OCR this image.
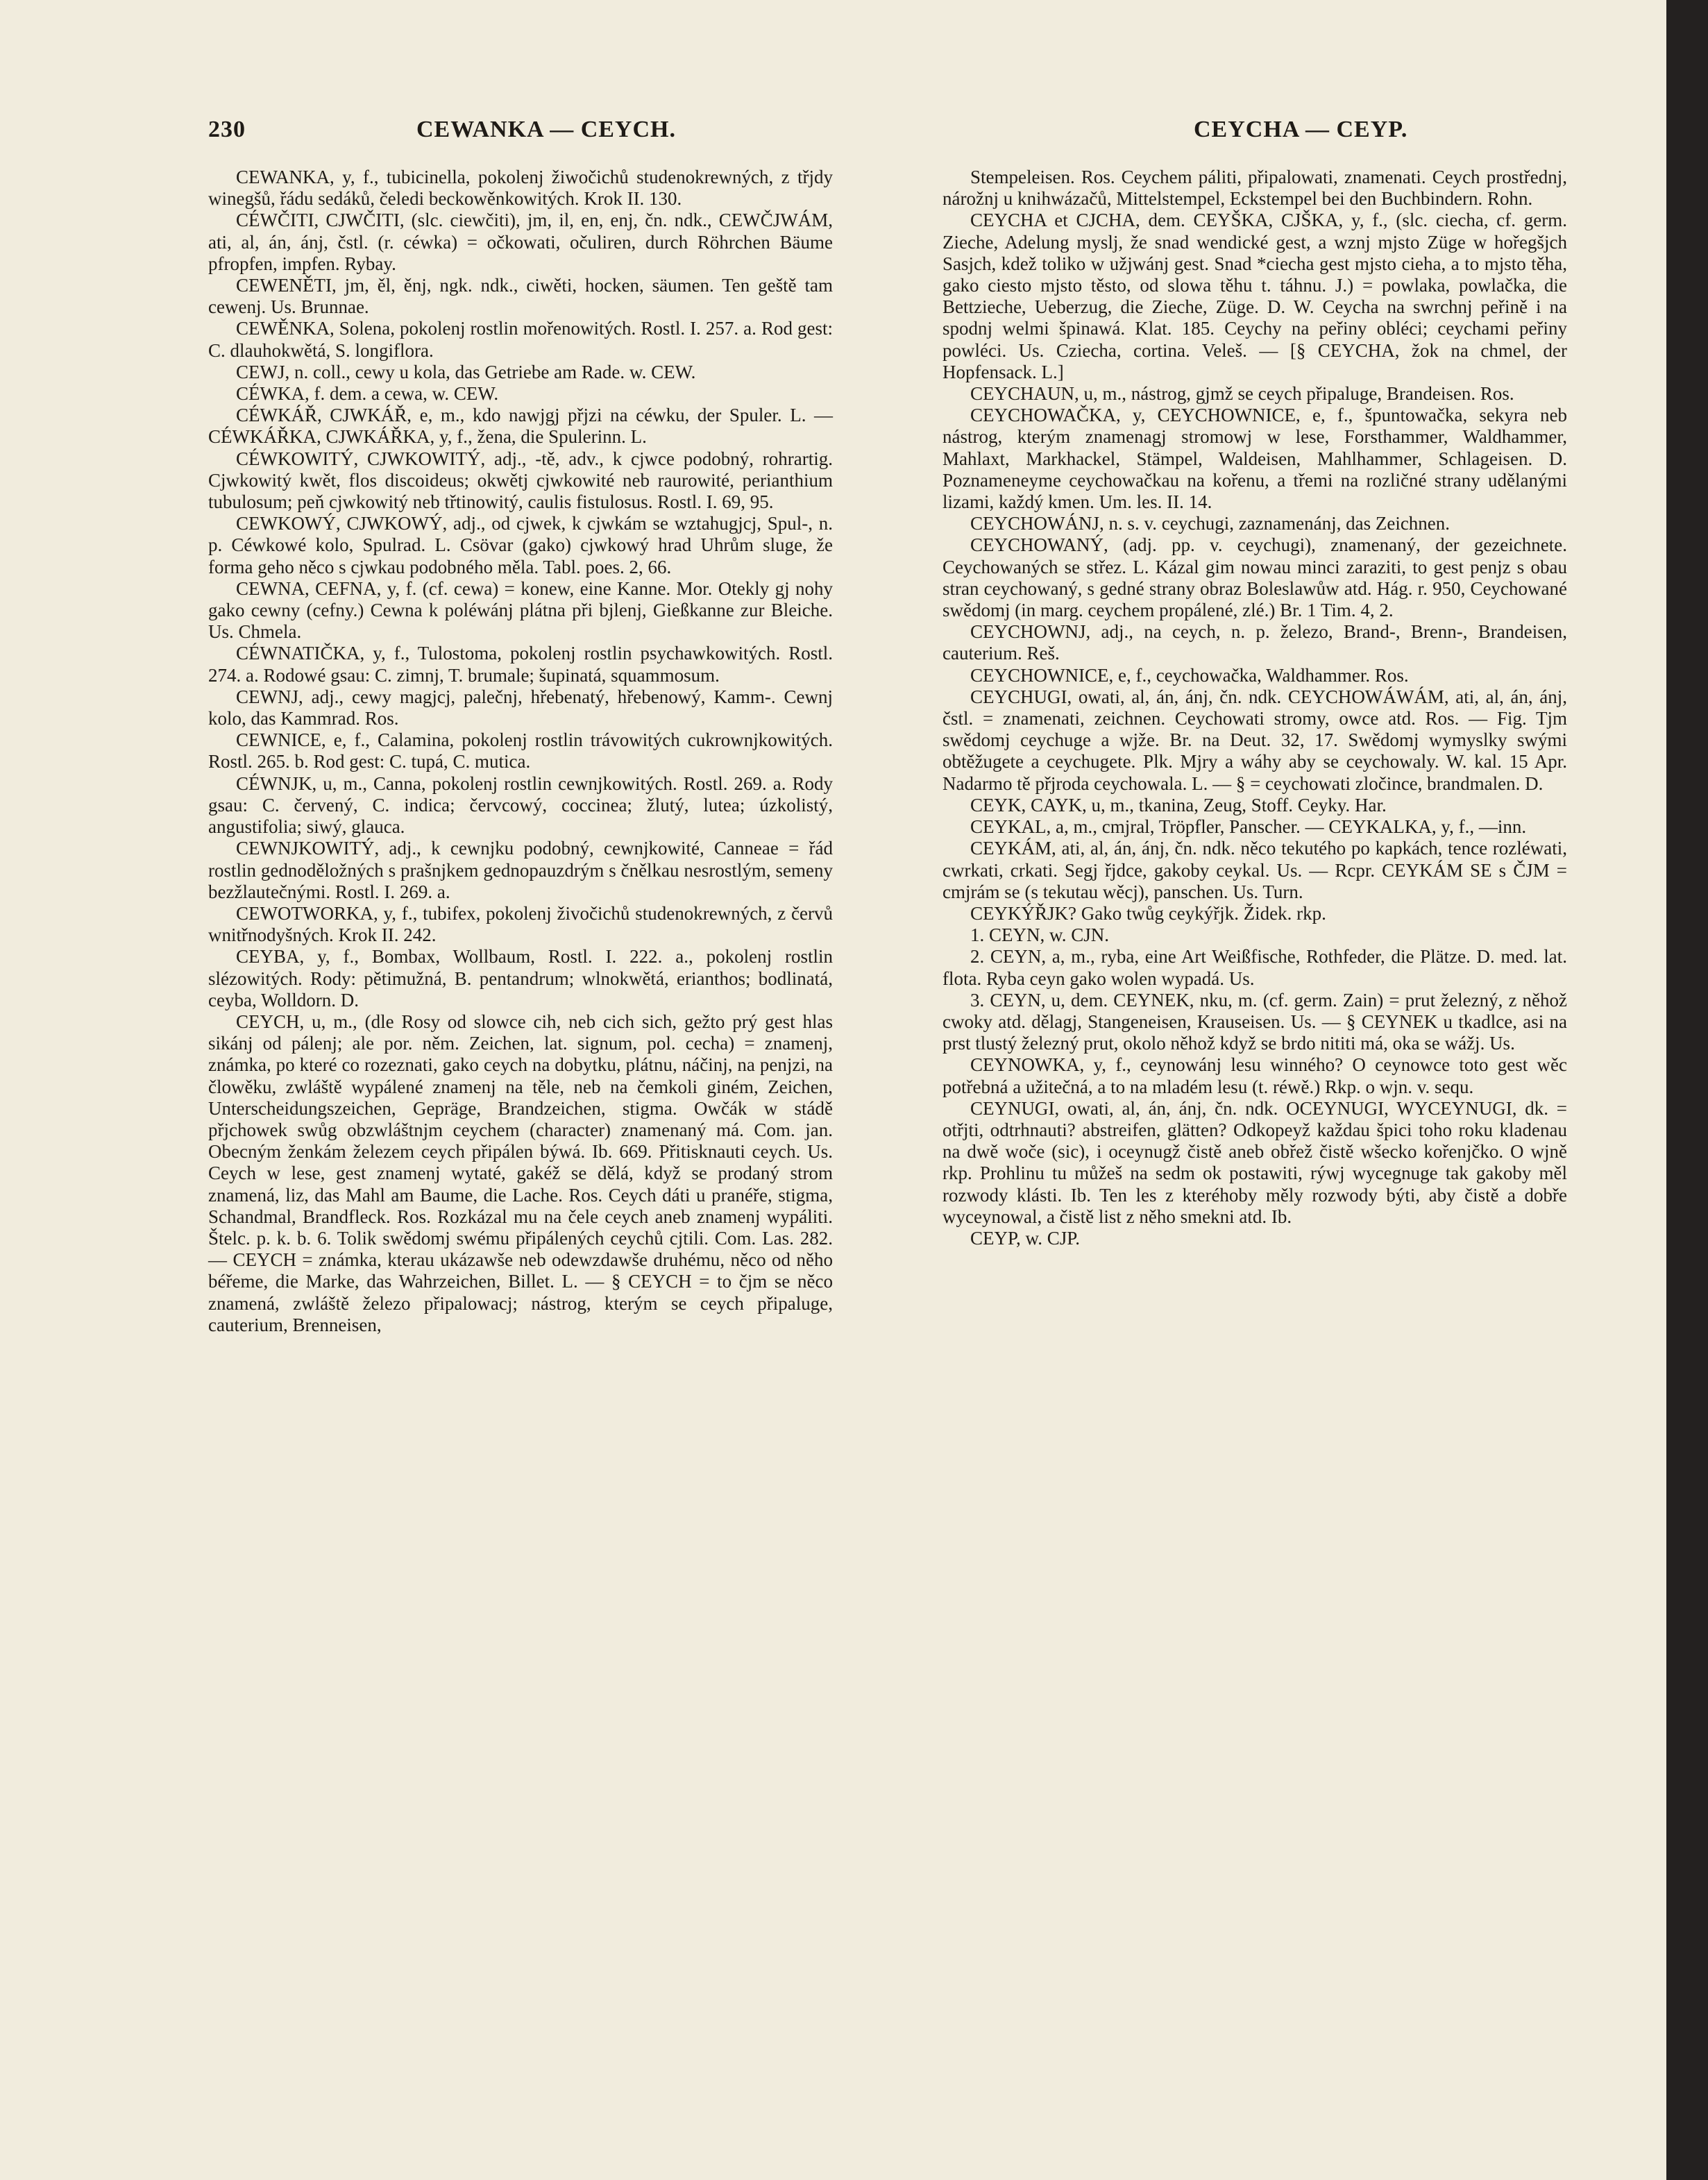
230	CEWANKA — CEYCH.	CEYCHA — CEYP.

CEWANKA, y, f., tubicinella, pokolenj žiwočichů studenokrewných, z třjdy winegšů, řádu sedáků, čeledi beckowěnkowitých. Krok II. 130.

CÉWČITI, CJWČITI, (slc. ciewčiti), jm, il, en, enj, čn. ndk., CEWČJWÁM, ati, al, án, ánj, čstl. (r. céwka) = očkowati, očuliren, durch Röhrchen Bäume pfropfen, impfen. Rybay.

CEWENĚTI, jm, ěl, ěnj, ngk. ndk., ciwěti, hocken, säumen. Ten geště tam cewenj. Us. Brunnae.

CEWĚNKA, Solena, pokolenj rostlin mořenowitých. Rostl. I. 257. a. Rod gest: C. dlauhokwětá, S. longiflora.

CEWJ, n. coll., cewy u kola, das Getriebe am Rade. w. CEW.

CÉWKA, f. dem. a cewa, w. CEW.

CÉWKÁŘ, CJWKÁŘ, e, m., kdo nawjgj přjzi na céwku, der Spuler. L. — CÉWKÁŘKA, CJWKÁŘKA, y, f., žena, die Spulerinn. L.

CÉWKOWITÝ, CJWKOWITÝ, adj., -tě, adv., k cjwce podobný, rohrartig. Cjwkowitý kwět, flos discoideus; okwětj cjwkowité neb raurowité, perianthium tubulosum; peň cjwkowitý neb třtinowitý, caulis fistulosus. Rostl. I. 69, 95.

CEWKOWÝ, CJWKOWÝ, adj., od cjwek, k cjwkám se wztahugjcj, Spul-, n. p. Céwkowé kolo, Spulrad. L. Csövar (gako) cjwkowý hrad Uhrům sluge, že forma geho něco s cjwkau podobného měla. Tabl. poes. 2, 66.

CEWNA, CEFNA, y, f. (cf. cewa) = konew, eine Kanne. Mor. Otekly gj nohy gako cewny (cefny.) Cewna k poléwánj plátna při bjlenj, Gießkanne zur Bleiche. Us. Chmela.

CÉWNATIČKA, y, f., Tulostoma, pokolenj rostlin psychawkowitých. Rostl. 274. a. Rodowé gsau: C. zimnj, T. brumale; šupinatá, squammosum.

CEWNJ, adj., cewy magjcj, palečnj, hřebenatý, hřebenowý, Kamm-. Cewnj kolo, das Kammrad. Ros.

CEWNICE, e, f., Calamina, pokolenj rostlin trávowitých cukrownjkowitých. Rostl. 265. b. Rod gest: C. tupá, C. mutica.

CÉWNJK, u, m., Canna, pokolenj rostlin cewnjkowitých. Rostl. 269. a. Rody gsau: C. červený, C. indica; červcowý, coccinea; žlutý, lutea; úzkolistý, angustifolia; siwý, glauca.

CEWNJKOWITÝ, adj., k cewnjku podobný, cewnjkowité, Canneae = řád rostlin gednoděložných s prašnjkem gednopauzdrým s čnělkau nesrostlým, semeny bezžlautečnými. Rostl. I. 269. a.

CEWOTWORKA, y, f., tubifex, pokolenj živočichů studenokrewných, z červů wnitřnodyšných. Krok II. 242.

CEYBA, y, f., Bombax, Wollbaum, Rostl. I. 222. a., pokolenj rostlin slézowitých. Rody: pětimužná, B. pentandrum; wlnokwětá, erianthos; bodlinatá, ceyba, Wolldorn. D.

CEYCH, u, m., (dle Rosy od slowce cih, neb cich sich, gežto prý gest hlas sikánj od pálenj; ale por. něm. Zeichen, lat. signum, pol. cecha) = znamenj, známka, po které co rozeznati, gako ceych na dobytku, plátnu, náčinj, na penjzi, na člowěku, zwláště wypálené znamenj na těle, neb na čemkoli giném, Zeichen, Unterscheidungszeichen, Gepräge, Brandzeichen, stigma. Owčák w stádě přjchowek swůg obzwláštnjm ceychem (character) znamenaný má. Com. jan. Obecným ženkám železem ceych připálen býwá. Ib. 669. Přitisknauti ceych. Us. Ceych w lese, gest znamenj wytaté, gakéž se dělá, když se prodaný strom znamená, liz, das Mahl am Baume, die Lache. Ros. Ceych dáti u pranéře, stigma, Schandmal, Brandfleck. Ros. Rozkázal mu na čele ceych aneb znamenj wypáliti. Štelc. p. k. b. 6. Tolik swědomj swému připálených ceychů cjtili. Com. Las. 282. — CEYCH = známka, kterau ukázawše neb odewzdawše druhému, něco od něho béřeme, die Marke, das Wahrzeichen, Billet. L. — § CEYCH = to čjm se něco znamená, zwláště železo připalowacj; nástrog, kterým se ceych připaluge, cauterium, Brenneisen,

Stempeleisen. Ros. Ceychem páliti, připalowati, znamenati. Ceych prostřednj, nárožnj u knihwázačů, Mittelstempel, Eckstempel bei den Buchbindern. Rohn.

CEYCHA et CJCHA, dem. CEYŠKA, CJŠKA, y, f., (slc. ciecha, cf. germ. Zieche, Adelung myslj, že snad wendické gest, a wznj mjsto Züge w hořegšjch Sasjch, kdež toliko w užjwánj gest. Snad *ciecha gest mjsto cieha, a to mjsto těha, gako ciesto mjsto těsto, od slowa těhu t. táhnu. J.) = powlaka, powlačka, die Bettzieche, Ueberzug, die Zieche, Züge. D. W. Ceycha na swrchnj peřině i na spodnj welmi špinawá. Klat. 185. Ceychy na peřiny obléci; ceychami peřiny powléci. Us. Cziecha, cortina. Veleš. — [§ CEYCHA, žok na chmel, der Hopfensack. L.]

CEYCHAUN, u, m., nástrog, gjmž se ceych připaluge, Brandeisen. Ros.

CEYCHOWAČKA, y, CEYCHOWNICE, e, f., špuntowačka, sekyra neb nástrog, kterým znamenagj stromowj w lese, Forsthammer, Waldhammer, Mahlaxt, Markhackel, Stämpel, Waldeisen, Mahlhammer, Schlageisen. D. Poznameneyme ceychowačkau na kořenu, a třemi na rozličné strany udělanými lizami, každý kmen. Um. les. II. 14.

CEYCHOWÁNJ, n. s. v. ceychugi, zaznamenánj, das Zeichnen.

CEYCHOWANÝ, (adj. pp. v. ceychugi), znamenaný, der gezeichnete. Ceychowaných se střez. L. Kázal gim nowau minci zaraziti, to gest penjz s obau stran ceychowaný, s gedné strany obraz Boleslawůw atd. Hág. r. 950, Ceychowané swědomj (in marg. ceychem propálené, zlé.) Br. 1 Tim. 4, 2.

CEYCHOWNJ, adj., na ceych, n. p. železo, Brand-, Brenn-, Brandeisen, cauterium. Reš.

CEYCHOWNICE, e, f., ceychowačka, Waldhammer. Ros.

CEYCHUGI, owati, al, án, ánj, čn. ndk. CEYCHOWÁWÁM, ati, al, án, ánj, čstl. = znamenati, zeichnen. Ceychowati stromy, owce atd. Ros. — Fig. Tjm swědomj ceychuge a wjže. Br. na Deut. 32, 17. Swědomj wymyslky swými obtěžugete a ceychugete. Plk. Mjry a wáhy aby se ceychowaly. W. kal. 15 Apr. Nadarmo tě přjroda ceychowala. L. — § = ceychowati zločince, brandmalen. D.

CEYK, CAYK, u, m., tkanina, Zeug, Stoff. Ceyky. Har.

CEYKAL, a, m., cmjral, Tröpfler, Panscher. — CEYKALKA, y, f., —inn.

CEYKÁM, ati, al, án, ánj, čn. ndk. něco tekutého po kapkách, tence rozléwati, cwrkati, crkati. Segj řjdce, gakoby ceykal. Us. — Rcpr. CEYKÁM SE s ČJM = cmjrám se (s tekutau wěcj), panschen. Us. Turn.

CEYKÝŘJK? Gako twůg ceykýřjk. Židek. rkp.

1. CEYN, w. CJN.

2. CEYN, a, m., ryba, eine Art Weißfische, Rothfeder, die Plätze. D. med. lat. flota. Ryba ceyn gako wolen wypadá. Us.

3. CEYN, u, dem. CEYNEK, nku, m. (cf. germ. Zain) = prut železný, z něhož cwoky atd. dělagj, Stangeneisen, Krauseisen. Us. — § CEYNEK u tkadlce, asi na prst tlustý železný prut, okolo něhož když se brdo nititi má, oka se wážj. Us.

CEYNOWKA, y, f., ceynowánj lesu winného? O ceynowce toto gest wěc potřebná a užitečná, a to na mladém lesu (t. réwě.) Rkp. o wjn. v. sequ.

CEYNUGI, owati, al, án, ánj, čn. ndk. OCEYNUGI, WYCEYNUGI, dk. = otřjti, odtrhnauti? abstreifen, glätten? Odkopeyž každau špici toho roku kladenau na dwě woče (sic), i oceynugž čistě aneb obřež čistě wšecko kořenjčko. O wjně rkp. Prohlinu tu můžeš na sedm ok postawiti, rýwj wycegnuge tak gakoby měl rozwody klásti. Ib. Ten les z kteréhoby měly rozwody býti, aby čistě a dobře wyceynowal, a čistě list z něho smekni atd. Ib.

CEYP, w. CJP.
